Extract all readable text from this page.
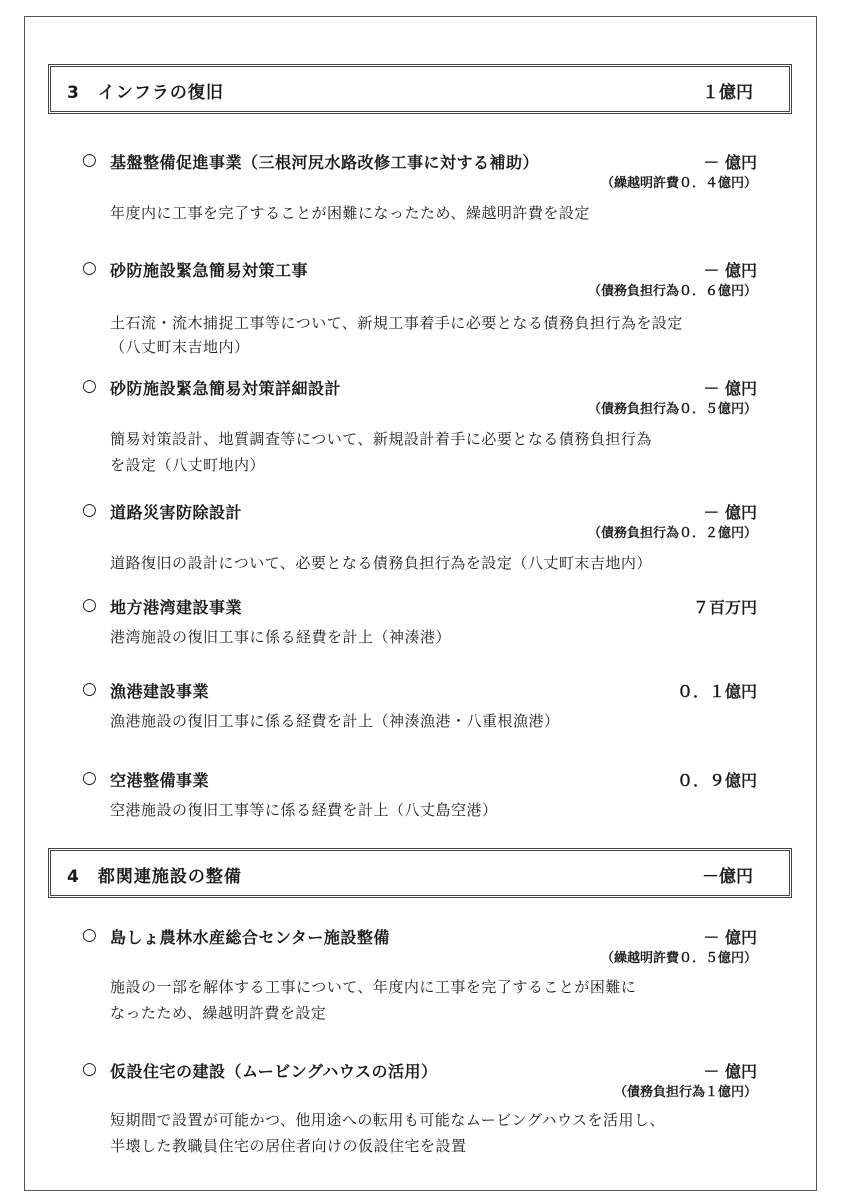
3　インフラの復旧	１億円
○ 基盤整備促進事業（三根河尻水路改修工事に対する補助）	－ 億円
（繰越明許費０．４億円）
年度内に工事を完了することが困難になったため、繰越明許費を設定
○ 砂防施設緊急簡易対策工事	－ 億円
（債務負担行為０．６億円）
土石流・流木捕捉工事等について、新規工事着手に必要となる債務負担行為を設定
（八丈町末吉地内）
○ 砂防施設緊急簡易対策詳細設計	－ 億円
（債務負担行為０．５億円）
簡易対策設計、地質調査等について、新規設計着手に必要となる債務負担行為
を設定（八丈町地内）
○ 道路災害防除設計	－ 億円
（債務負担行為０．２億円）
道路復旧の設計について、必要となる債務負担行為を設定（八丈町末吉地内）
○ 地方港湾建設事業	７百万円
港湾施設の復旧工事に係る経費を計上（神湊港）
○ 漁港建設事業	０．１億円
漁港施設の復旧工事に係る経費を計上（神湊漁港・八重根漁港）
○ 空港整備事業	０．９億円
空港施設の復旧工事等に係る経費を計上（八丈島空港）
4　都関連施設の整備	－億円
○ 島しょ農林水産総合センター施設整備	－ 億円
（繰越明許費０．５億円）
施設の一部を解体する工事について、年度内に工事を完了することが困難に
なったため、繰越明許費を設定
○ 仮設住宅の建設（ムービングハウスの活用）	－ 億円
（債務負担行為１億円）
短期間で設置が可能かつ、他用途への転用も可能なムービングハウスを活用し、
半壊した教職員住宅の居住者向けの仮設住宅を設置
